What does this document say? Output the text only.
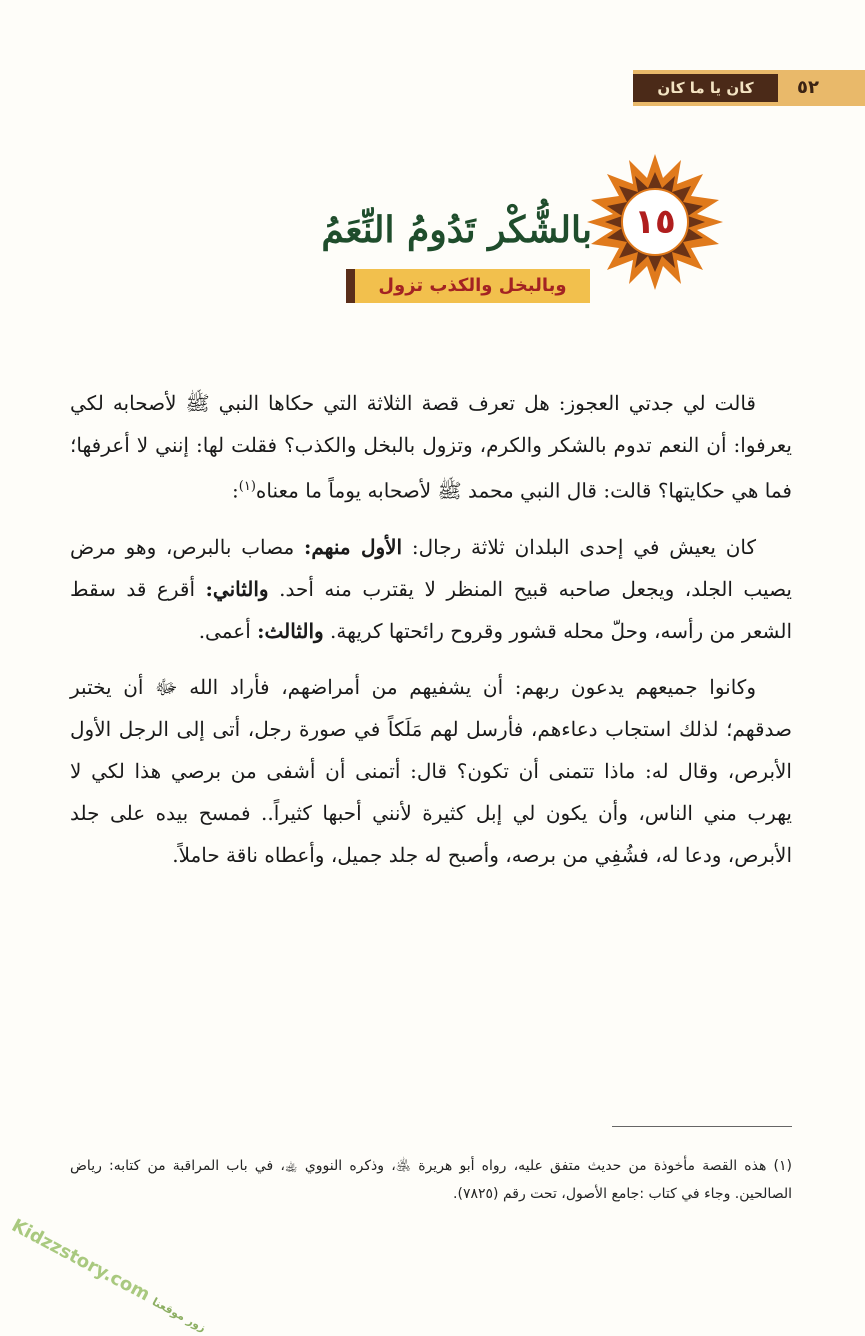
كان يا ما كان	٥٢
١٥
بالشُّكْر تَدُومُ النِّعَمُ
وبالبخل والكذب تزول

قالت لي جدتي العجوز: هل تعرف قصة الثلاثة التي حكاها النبي ﷺ لأصحابه لكي يعرفوا: أن النعم تدوم بالشكر والكرم، وتزول بالبخل والكذب؟ فقلت لها: إنني لا أعرفها؛ فما هي حكايتها؟ قالت: قال النبي محمد ﷺ لأصحابه يوماً ما معناه$^{(١)}$:

كان يعيش في إحدى البلدان ثلاثة رجال: الأول منهم: مصاب بالبرص، وهو مرض يصيب الجلد، ويجعل صاحبه قبيح المنظر لا يقترب منه أحد. والثاني: أقرع قد سقط الشعر من رأسه، وحلّ محله قشور وقروح رائحتها كريهة. والثالث: أعمى.

وكانوا جميعهم يدعون ربهم: أن يشفيهم من أمراضهم، فأراد الله ﷻ أن يختبر صدقهم؛ لذلك استجاب دعاءهم، فأرسل لهم مَلَكاً في صورة رجل، أتى إلى الرجل الأول الأبرص، وقال له: ماذا تتمنى أن تكون؟ قال: أتمنى أن أشفى من برصي هذا لكي لا يهرب مني الناس، وأن يكون لي إبل كثيرة لأنني أحبها كثيراً.. فمسح بيده على جلد الأبرص، ودعا له، فشُفِي من برصه، وأصبح له جلد جميل، وأعطاه ناقة حاملاً.

(١) هذه القصة مأخوذة من حديث متفق عليه، رواه أبو هريرة ﵁، وذكره النووي ﵀، في باب المراقبة من كتابه: رياض الصالحين. وجاء في كتاب :جامع الأصول، تحت رقم (٧٨٢٥).
Kidzzstory.com زور موقعنا
